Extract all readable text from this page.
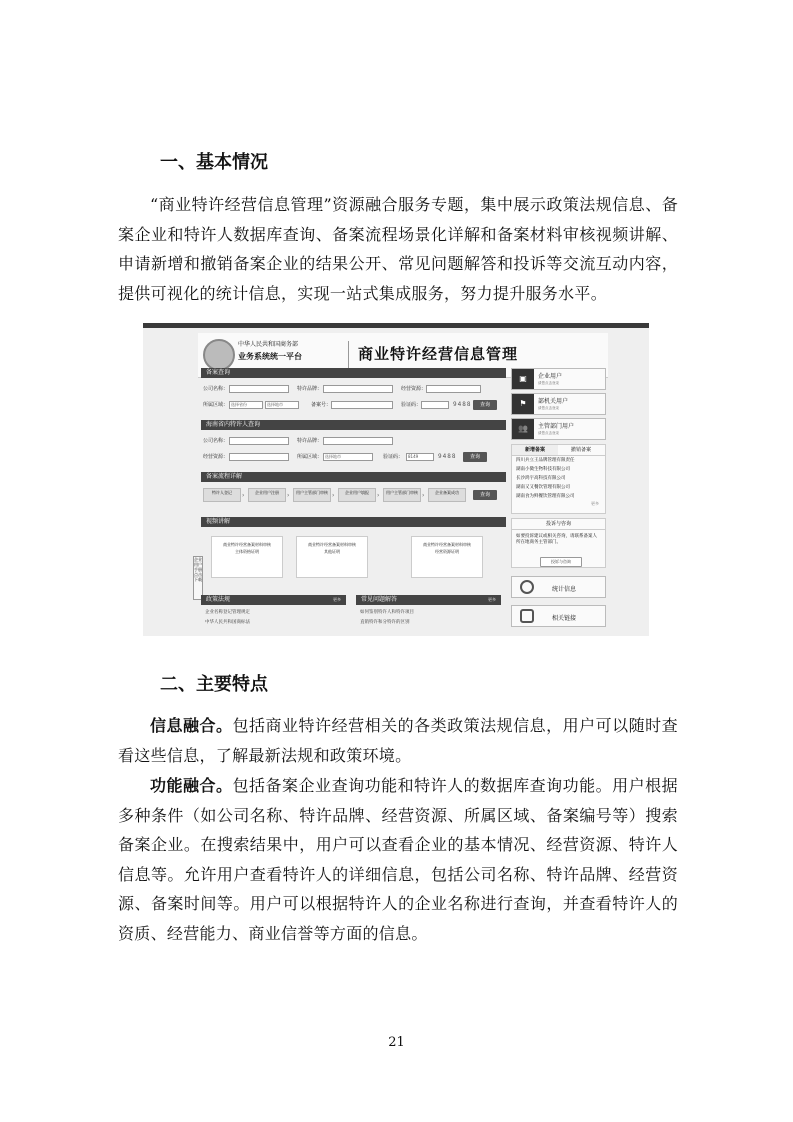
一、基本情况
“商业特许经营信息管理”资源融合服务专题，集中展示政策法规信息、备案企业和特许人数据库查询、备案流程场景化详解和备案材料审核视频讲解、申请新增和撤销备案企业的结果公开、常见问题解答和投诉等交流互动内容，提供可视化的统计信息，实现一站式集成服务，努力提升服务水平。
中华人民共和国商务部
业务系统统一平台	商业特许经营信息管理
备案查询
公司名称：	特许品牌：	经营资源：
所属区域： 选择省份	选择地市	备案号：	验证码：	9488	查询
海南省内特许人查询
公司名称：	特许品牌：
经营资源：	所属区域： 选择地市	验证码：	8149	9488	查询
备案流程详解
特许人登记	›	企业用户注册	›	用户主管部门审核 ›	企业用户填报	›	用户主管部门审核 ›	企业备案成功	查询
视频讲解
商业特许经营备案材料审核
主体资格证明
商业特许经营备案材料审核
其他证明
商业特许经营备案材料审核
经营资源证明
企业用户手册点击下载
政策法规	更多
企业名称登记管理规定
中华人民共和国商标法
常见问题解答	更多
如何鉴别特许人和特许项目
直销特许和分特许的区别
▣	企业用户
请您点击登录
⚑	部机关用户
请您点击登录
👥	主管部门用户
请您点击登录
新增备案	撤销备案
四川兵立王品牌管理有限责任
湖南小微生物科技有限公司
长沙鸿宇高科技有限公司
湖南又又餐饮管理有限公司
湖南食为鲜餐饮管理有限公司
更多
投诉与咨询
如要投诉建议或相关咨询，请联系备案人所在地商务主管部门。
投诉与咨询
统计信息
相关链接
二、主要特点
信息融合。包括商业特许经营相关的各类政策法规信息，用户可以随时查看这些信息，了解最新法规和政策环境。
功能融合。包括备案企业查询功能和特许人的数据库查询功能。用户根据多种条件（如公司名称、特许品牌、经营资源、所属区域、备案编号等）搜索备案企业。在搜索结果中，用户可以查看企业的基本情况、经营资源、特许人信息等。允许用户查看特许人的详细信息，包括公司名称、特许品牌、经营资源、备案时间等。用户可以根据特许人的企业名称进行查询，并查看特许人的资质、经营能力、商业信誉等方面的信息。
21
